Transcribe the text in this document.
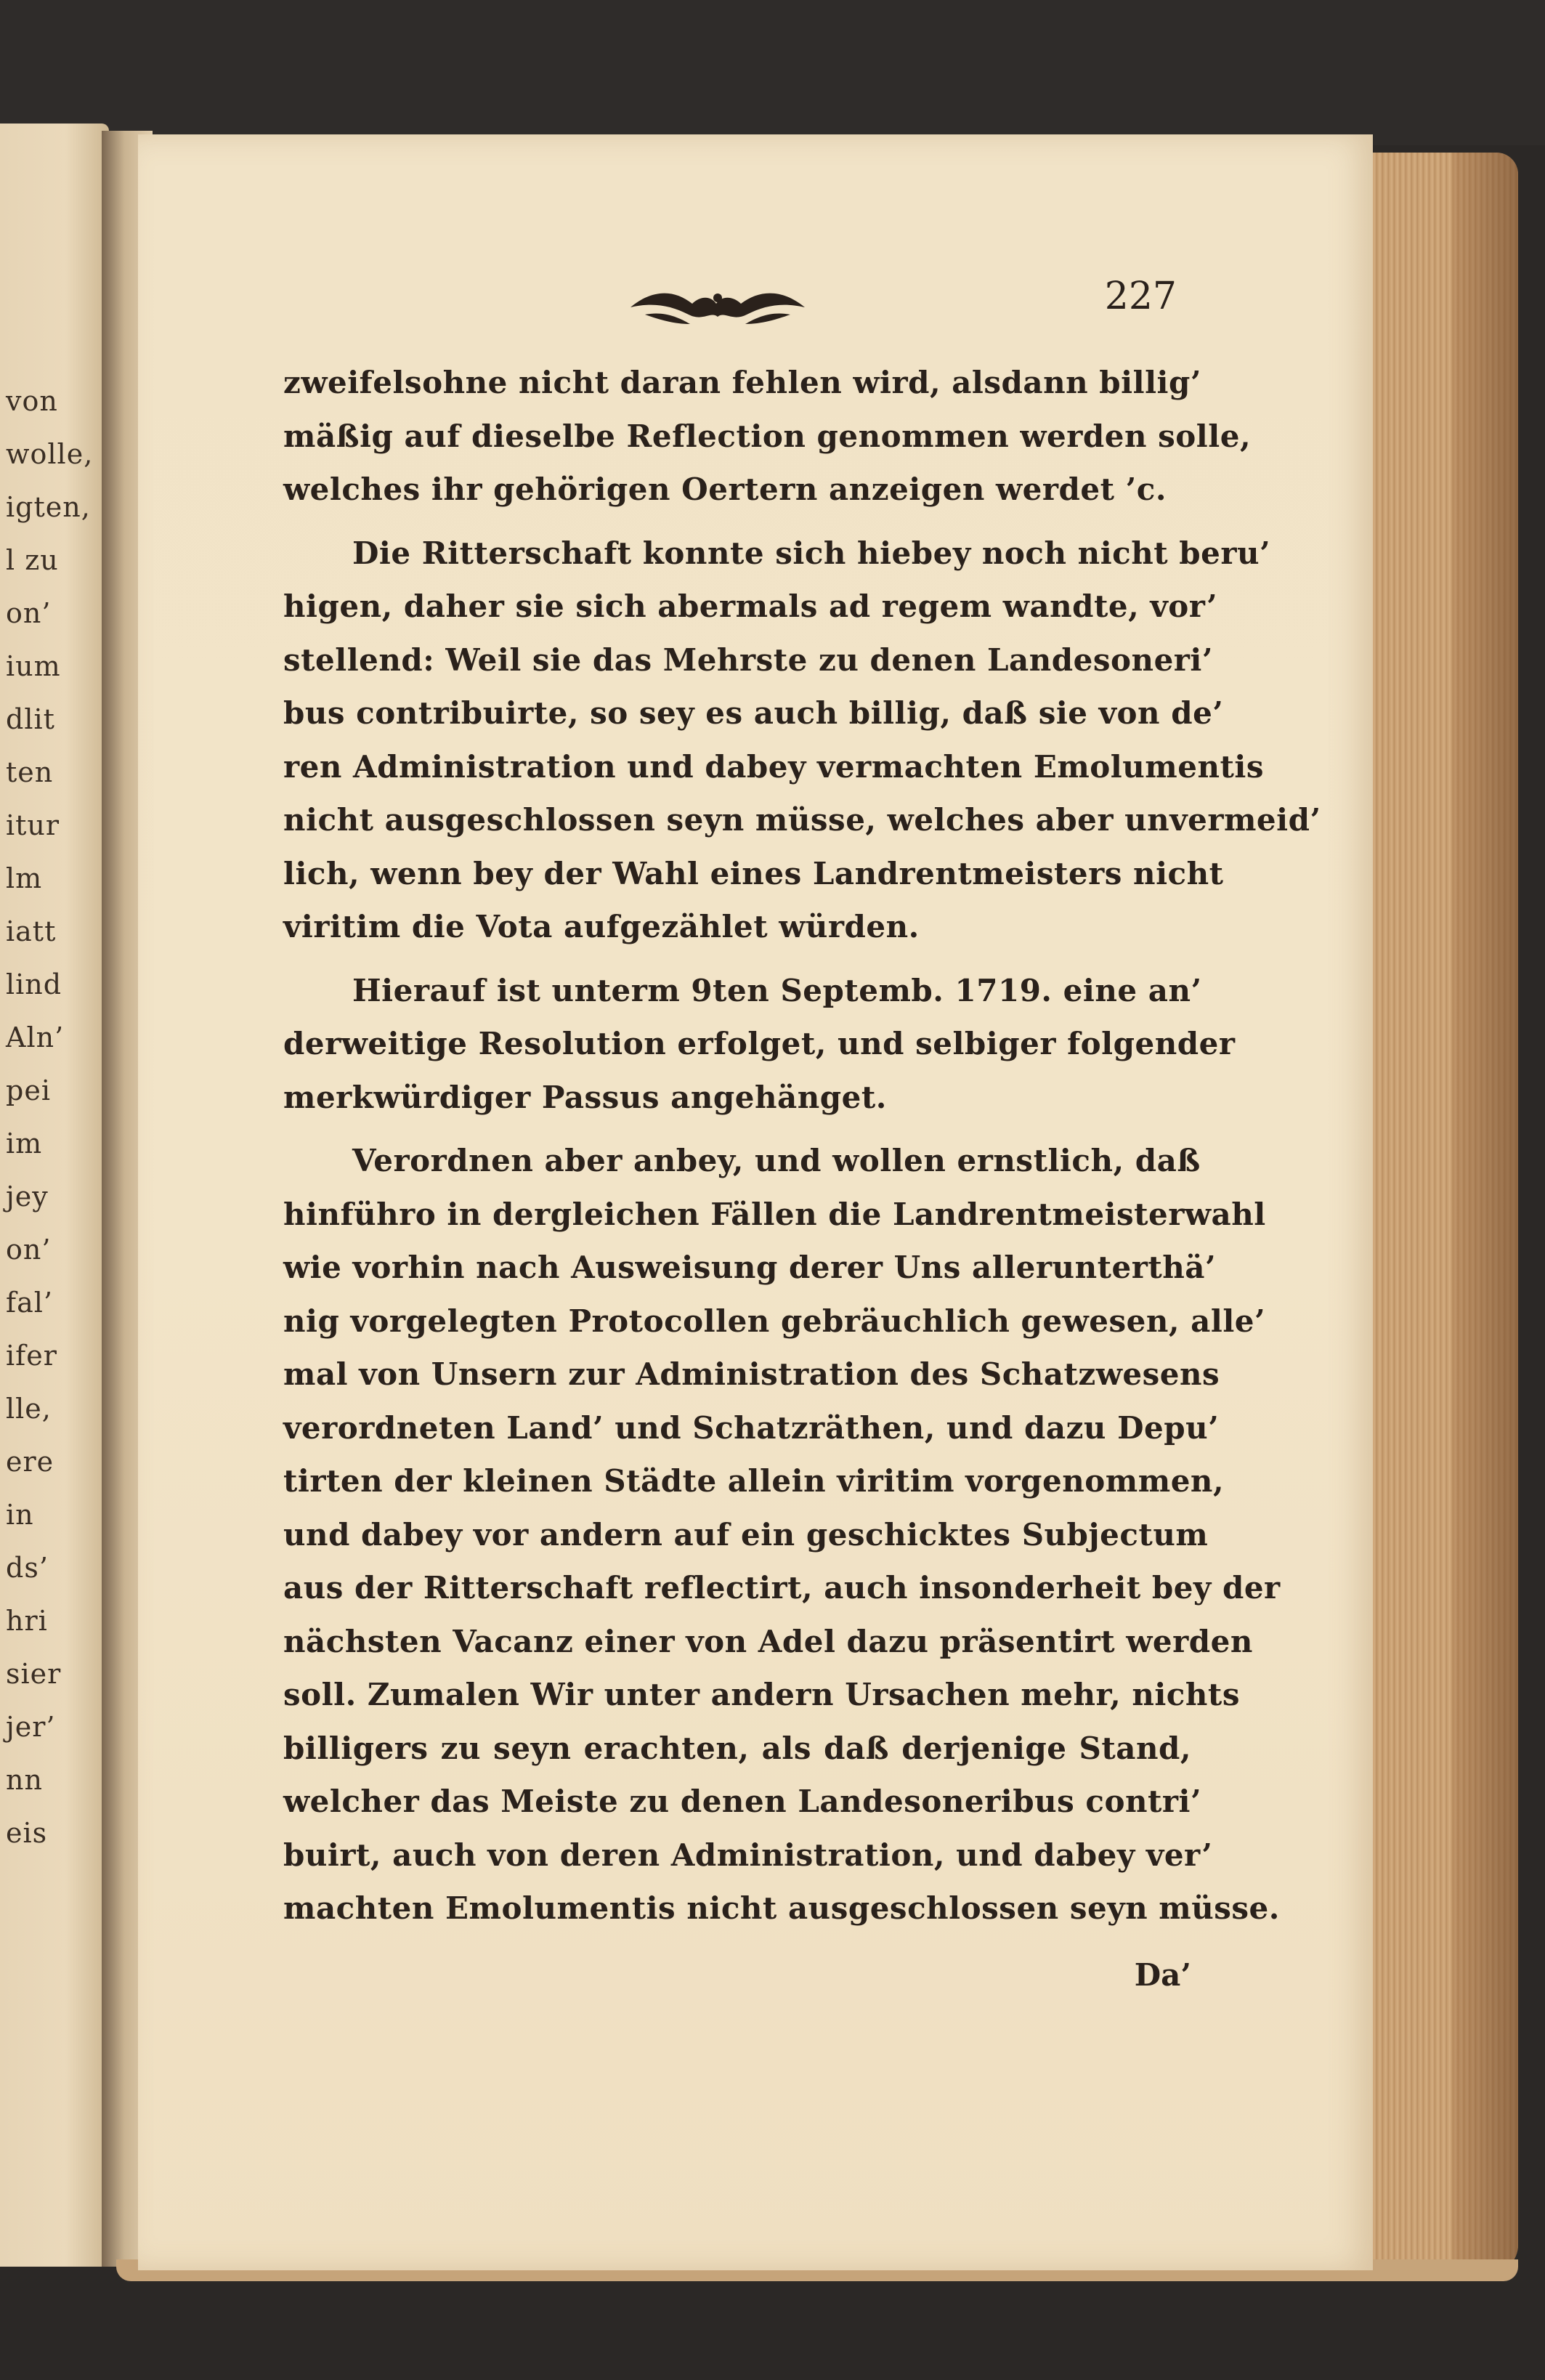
von
wolle,
igten,
l zu
on’
ium
dlit
ten
itur
lm
iatt
lind
Aln’
pei
im
jey
on’
fal’
ifer
lle,
ere
in
ds’
hri
sier
jer’
nn
eis
227
zweifelsohne nicht daran fehlen wird, alsdann billig’
mäßig auf dieselbe Reflection genommen werden solle,
welches ihr gehörigen Oertern anzeigen werdet ’c.
Die Ritterschaft konnte sich hiebey noch nicht beru’
higen, daher sie sich abermals ad regem wandte, vor’
stellend: Weil sie das Mehrste zu denen Landesoneri’
bus contribuirte, so sey es auch billig, daß sie von de’
ren Administration und dabey vermachten Emolumentis
nicht ausgeschlossen seyn müsse, welches aber unvermeid’
lich, wenn bey der Wahl eines Landrentmeisters nicht
viritim die Vota aufgezählet würden.
Hierauf ist unterm 9ten Septemb. 1719. eine an’
derweitige Resolution erfolget, und selbiger folgender
merkwürdiger Passus angehänget.
Verordnen aber anbey, und wollen ernstlich, daß
hinführo in dergleichen Fällen die Landrentmeisterwahl
wie vorhin nach Ausweisung derer Uns allerunterthä’
nig vorgelegten Protocollen gebräuchlich gewesen, alle’
mal von Unsern zur Administration des Schatzwesens
verordneten Land’ und Schatzräthen, und dazu Depu’
tirten der kleinen Städte allein viritim vorgenommen,
und dabey vor andern auf ein geschicktes Subjectum
aus der Ritterschaft reflectirt, auch insonderheit bey der
nächsten Vacanz einer von Adel dazu präsentirt werden
soll. Zumalen Wir unter andern Ursachen mehr, nichts
billigers zu seyn erachten, als daß derjenige Stand,
welcher das Meiste zu denen Landesoneribus contri’
buirt, auch von deren Administration, und dabey ver’
machten Emolumentis nicht ausgeschlossen seyn müsse.
Da’
